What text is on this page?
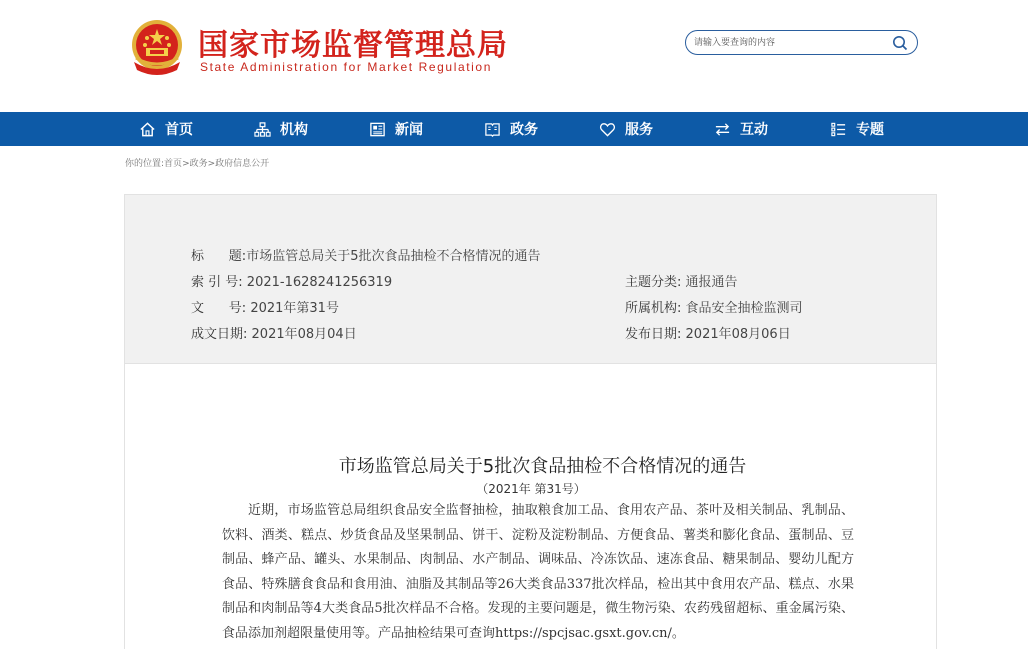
国家市场监督管理总局
State Administration for Market Regulation
请输入要查询的内容
首页	机构	新闻	政务	服务	互动	专题
你的位置:首页>政务>政府信息公开
标      题:市场监管总局关于5批次食品抽检不合格情况的通告
索 引 号: 2021-1628241256319
文      号: 2021年第31号
成文日期: 2021年08月04日
主题分类: 通报通告
所属机构: 食品安全抽检监测司
发布日期: 2021年08月06日
市场监管总局关于5批次食品抽检不合格情况的通告
（2021年 第31号）

近期，市场监管总局组织食品安全监督抽检，抽取粮食加工品、食用农产品、茶叶及相关制品、乳制品、饮料、酒类、糕点、炒货食品及坚果制品、饼干、淀粉及淀粉制品、方便食品、薯类和膨化食品、蛋制品、豆制品、蜂产品、罐头、水果制品、肉制品、水产制品、调味品、冷冻饮品、速冻食品、糖果制品、婴幼儿配方食品、特殊膳食食品和食用油、油脂及其制品等26大类食品337批次样品，检出其中食用农产品、糕点、水果制品和肉制品等4大类食品5批次样品不合格。发现的主要问题是，微生物污染、农药残留超标、重金属污染、食品添加剂超限量使用等。产品抽检结果可查询https://spcjsac.gsxt.gov.cn/。
